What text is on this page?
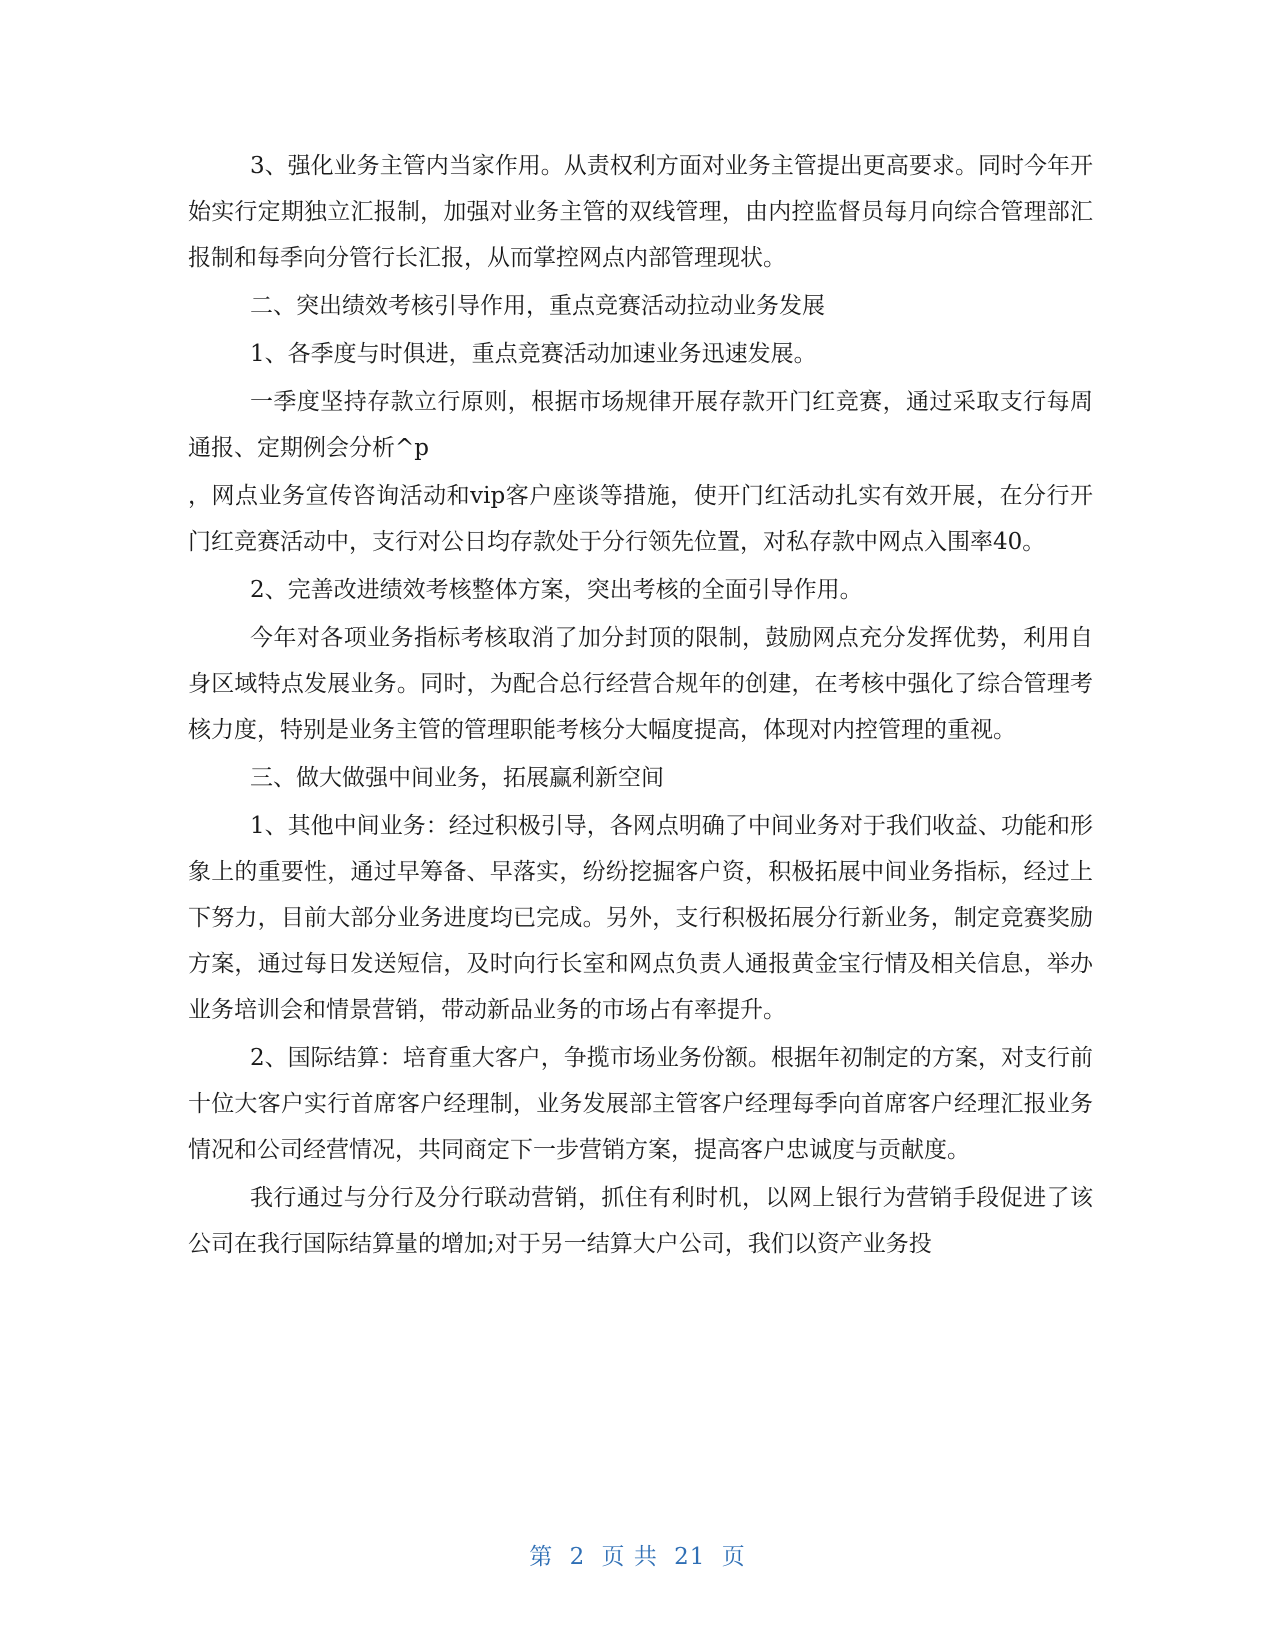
3、强化业务主管内当家作用。从责权利方面对业务主管提出更高要求。同时今年开始实行定期独立汇报制，加强对业务主管的双线管理，由内控监督员每月向综合管理部汇报制和每季向分管行长汇报，从而掌控网点内部管理现状。

二、突出绩效考核引导作用，重点竞赛活动拉动业务发展

1、各季度与时俱进，重点竞赛活动加速业务迅速发展。

一季度坚持存款立行原则，根据市场规律开展存款开门红竞赛，通过采取支行每周通报、定期例会分析^p

，网点业务宣传咨询活动和vip客户座谈等措施，使开门红活动扎实有效开展，在分行开门红竞赛活动中，支行对公日均存款处于分行领先位置，对私存款中网点入围率40。

2、完善改进绩效考核整体方案，突出考核的全面引导作用。

今年对各项业务指标考核取消了加分封顶的限制，鼓励网点充分发挥优势，利用自身区域特点发展业务。同时，为配合总行经营合规年的创建，在考核中强化了综合管理考核力度，特别是业务主管的管理职能考核分大幅度提高，体现对内控管理的重视。

三、做大做强中间业务，拓展赢利新空间

1、其他中间业务：经过积极引导，各网点明确了中间业务对于我们收益、功能和形象上的重要性，通过早筹备、早落实，纷纷挖掘客户资，积极拓展中间业务指标，经过上下努力，目前大部分业务进度均已完成。另外，支行积极拓展分行新业务，制定竞赛奖励方案，通过每日发送短信，及时向行长室和网点负责人通报黄金宝行情及相关信息，举办业务培训会和情景营销，带动新品业务的市场占有率提升。

2、国际结算：培育重大客户，争揽市场业务份额。根据年初制定的方案，对支行前十位大客户实行首席客户经理制，业务发展部主管客户经理每季向首席客户经理汇报业务情况和公司经营情况，共同商定下一步营销方案，提高客户忠诚度与贡献度。

我行通过与分行及分行联动营销，抓住有利时机，以网上银行为营销手段促进了该公司在我行国际结算量的增加;对于另一结算大户公司，我们以资产业务投

第 2 页 共 21 页
